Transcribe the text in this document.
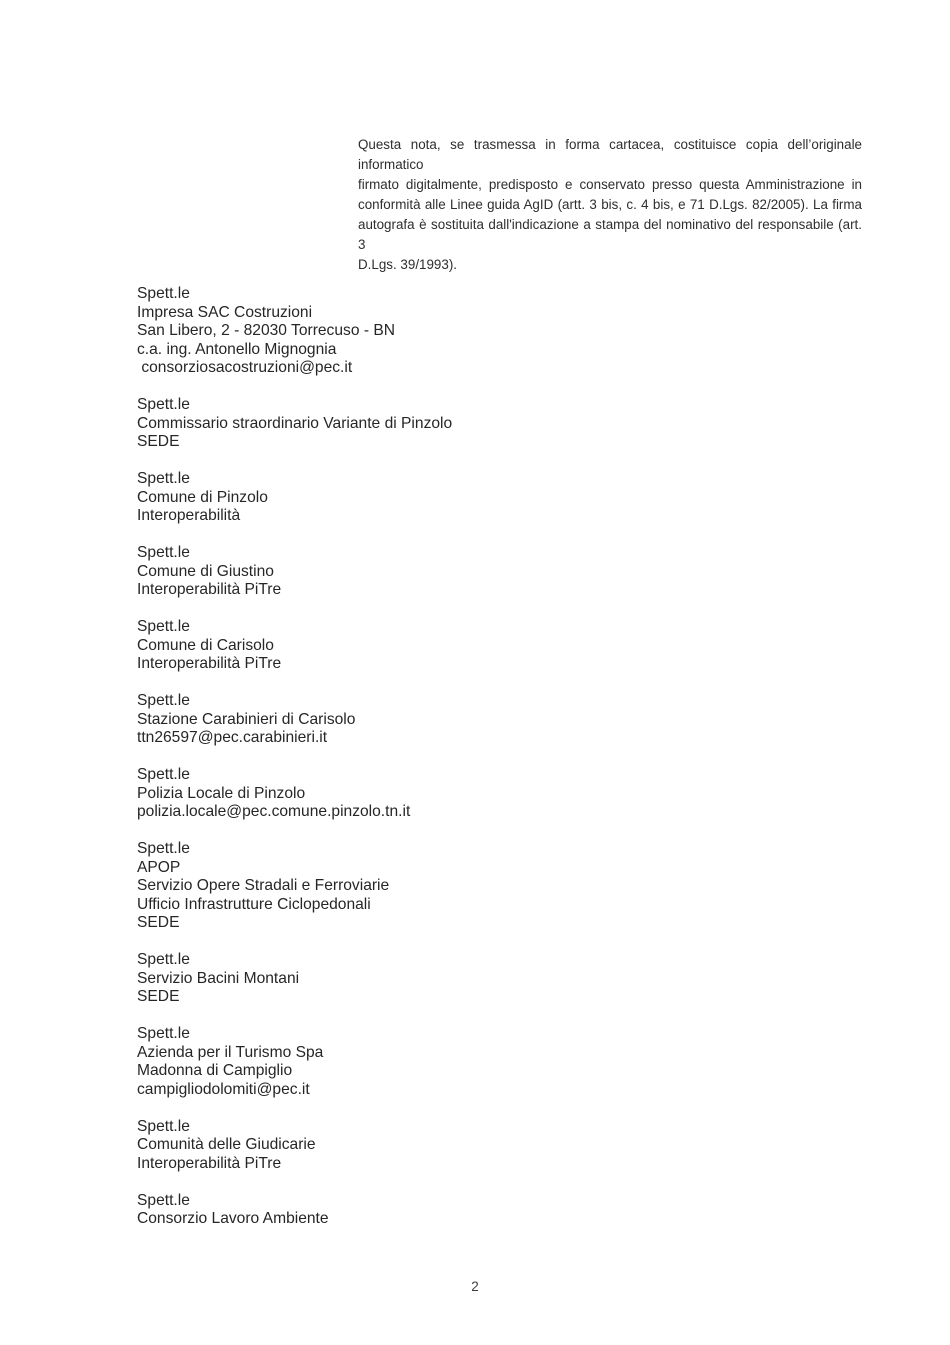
Questa nota, se trasmessa in forma cartacea, costituisce copia dell’originale informatico
firmato digitalmente, predisposto e conservato presso questa Amministrazione in
conformità alle Linee guida AgID (artt. 3 bis, c. 4 bis, e 71 D.Lgs. 82/2005). La firma
autografa è sostituita dall'indicazione a stampa del nominativo del responsabile (art. 3
D.Lgs. 39/1993).
Spett.le
Impresa SAC Costruzioni
San Libero, 2 - 82030 Torrecuso - BN
c.a. ing. Antonello Mignognia
consorziosacostruzioni@pec.it
Spett.le
Commissario straordinario Variante di Pinzolo
SEDE
Spett.le
Comune di Pinzolo
Interoperabilità
Spett.le
Comune di Giustino
Interoperabilità PiTre
Spett.le
Comune di Carisolo
Interoperabilità PiTre
Spett.le
Stazione Carabinieri di Carisolo
ttn26597@pec.carabinieri.it
Spett.le
Polizia Locale di Pinzolo
polizia.locale@pec.comune.pinzolo.tn.it
Spett.le
APOP
Servizio Opere Stradali e Ferroviarie
Ufficio Infrastrutture Ciclopedonali
SEDE
Spett.le
Servizio Bacini Montani
SEDE
Spett.le
Azienda per il Turismo Spa
Madonna di Campiglio
campigliodolomiti@pec.it
Spett.le
Comunità delle Giudicarie
Interoperabilità PiTre
Spett.le
Consorzio Lavoro Ambiente
2
